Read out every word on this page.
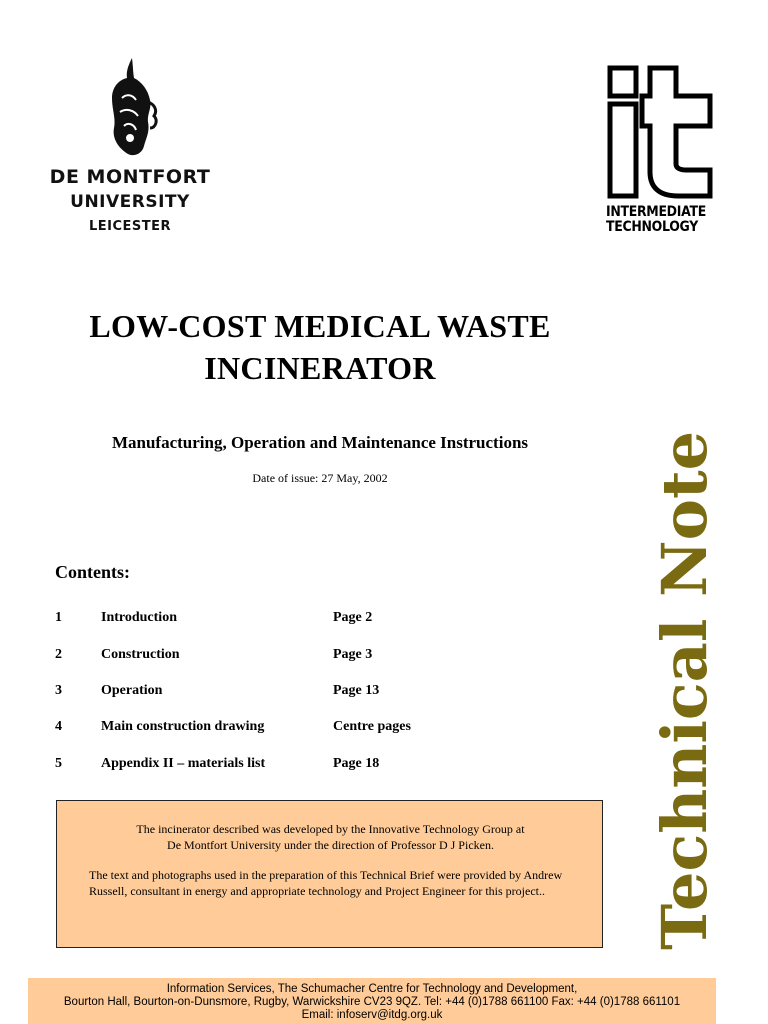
DE MONTFORT
UNIVERSITY
LEICESTER
INTERMEDIATE
TECHNOLOGY
LOW-COST MEDICAL WASTE
INCINERATOR
Manufacturing, Operation and Maintenance Instructions
Date of issue: 27 May, 2002
Contents:
1	Introduction	Page 2
2	Construction	Page 3
3	Operation	Page 13
4	Main construction drawing	Centre pages
5	Appendix II – materials list	Page 18
The incinerator described was developed by the Innovative Technology Group at
De Montfort University under the direction of Professor D J Picken.
The text and photographs used in the preparation of this Technical Brief were provided by Andrew Russell, consultant in energy and appropriate technology and Project Engineer for this project..	Technical Note
Information Services, The Schumacher Centre for Technology and Development,
Bourton Hall, Bourton-on-Dunsmore, Rugby, Warwickshire CV23 9QZ. Tel: +44 (0)1788 661100 Fax: +44 (0)1788 661101
Email: infoserv@itdg.org.uk
